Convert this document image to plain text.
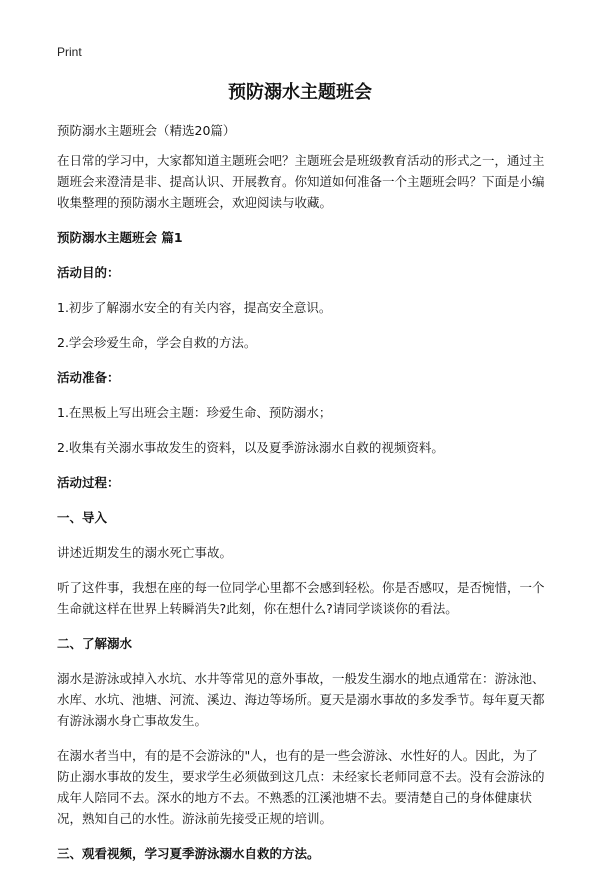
Print
预防溺水主题班会
预防溺水主题班会（精选20篇）

在日常的学习中，大家都知道主题班会吧？主题班会是班级教育活动的形式之一，通过主题班会来澄清是非、提高认识、开展教育。你知道如何准备一个主题班会吗？下面是小编收集整理的预防溺水主题班会，欢迎阅读与收藏。

预防溺水主题班会 篇1
活动目的：

1.初步了解溺水安全的有关内容，提高安全意识。

2.学会珍爱生命，学会自救的方法。

活动准备：

1.在黑板上写出班会主题：珍爱生命、预防溺水；

2.收集有关溺水事故发生的资料，以及夏季游泳溺水自救的视频资料。

活动过程：
一、导入

讲述近期发生的溺水死亡事故。

听了这件事，我想在座的每一位同学心里都不会感到轻松。你是否感叹，是否惋惜，一个生命就这样在世界上转瞬消失?此刻，你在想什么?请同学谈谈你的看法。

二、了解溺水

溺水是游泳或掉入水坑、水井等常见的意外事故，一般发生溺水的地点通常在：游泳池、水库、水坑、池塘、河流、溪边、海边等场所。夏天是溺水事故的多发季节。每年夏天都有游泳溺水身亡事故发生。

在溺水者当中，有的是不会游泳的"人，也有的是一些会游泳、水性好的人。因此，为了防止溺水事故的发生，要求学生必须做到这几点：未经家长老师同意不去。没有会游泳的成年人陪同不去。深水的地方不去。不熟悉的江溪池塘不去。要清楚自己的身体健康状况，熟知自己的水性。游泳前先接受正规的培训。

三、观看视频，学习夏季游泳溺水自救的方法。
